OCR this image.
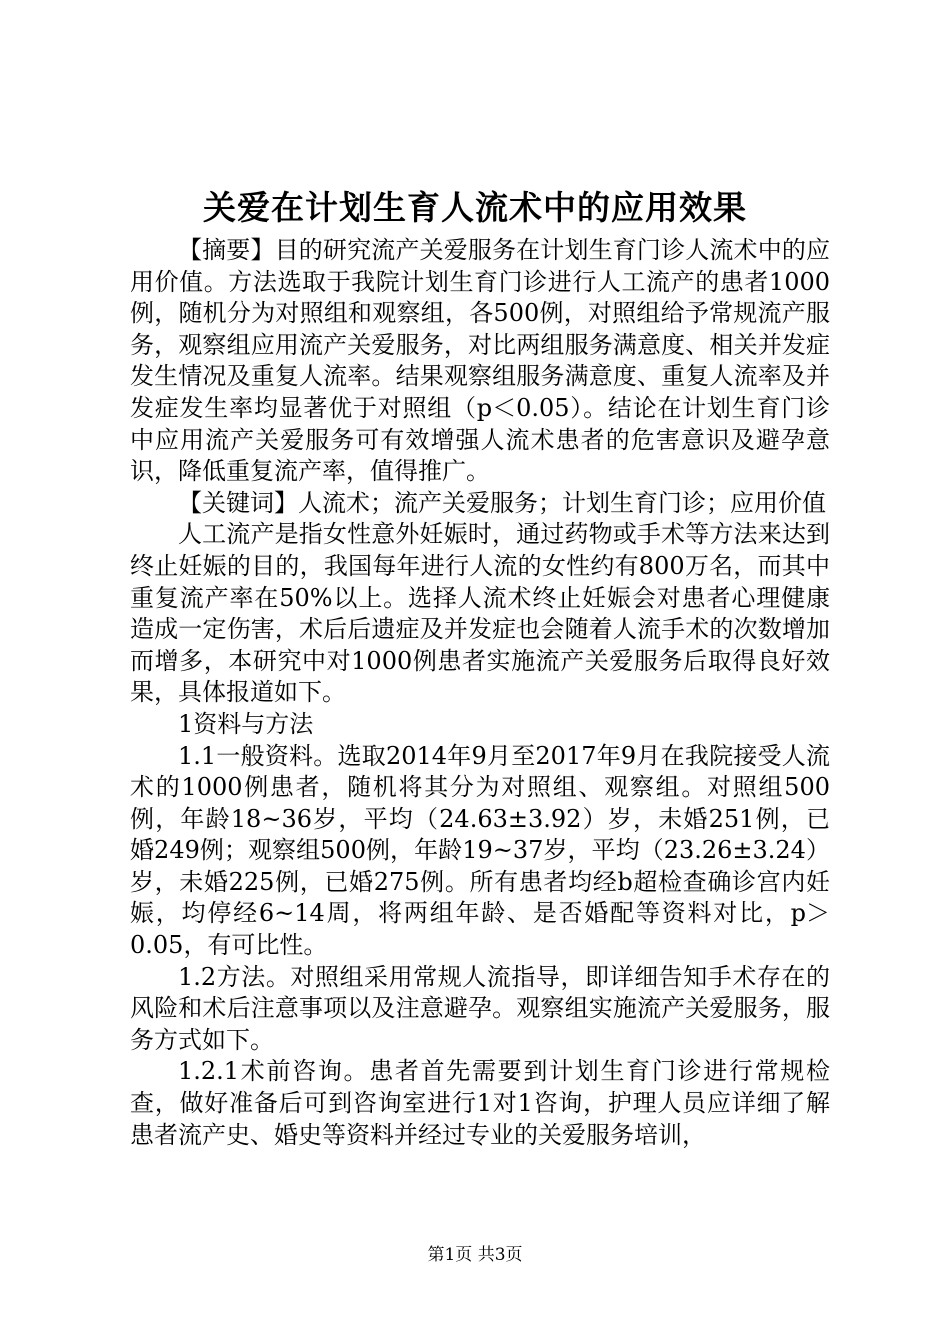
关爱在计划生育人流术中的应用效果

【摘要】目的研究流产关爱服务在计划生育门诊人流术中的应用价值。方法选取于我院计划生育门诊进行人工流产的患者1000例，随机分为对照组和观察组，各500例，对照组给予常规流产服务，观察组应用流产关爱服务，对比两组服务满意度、相关并发症发生情况及重复人流率。结果观察组服务满意度、重复人流率及并发症发生率均显著优于对照组（p＜0.05）。结论在计划生育门诊中应用流产关爱服务可有效增强人流术患者的危害意识及避孕意识，降低重复流产率，值得推广。

【关键词】人流术；流产关爱服务；计划生育门诊；应用价值

人工流产是指女性意外妊娠时，通过药物或手术等方法来达到终止妊娠的目的，我国每年进行人流的女性约有800万名，而其中重复流产率在50%以上。选择人流术终止妊娠会对患者心理健康造成一定伤害，术后后遗症及并发症也会随着人流手术的次数增加而增多，本研究中对1000例患者实施流产关爱服务后取得良好效果，具体报道如下。

1资料与方法

1.1一般资料。选取2014年9月至2017年9月在我院接受人流术的1000例患者，随机将其分为对照组、观察组。对照组500例，年龄18~36岁，平均（24.63±3.92）岁，未婚251例，已婚249例；观察组500例，年龄19~37岁，平均（23.26±3.24）岁，未婚225例，已婚275例。所有患者均经b超检查确诊宫内妊娠，均停经6~14周，将两组年龄、是否婚配等资料对比，p＞0.05，有可比性。

1.2方法。对照组采用常规人流指导，即详细告知手术存在的风险和术后注意事项以及注意避孕。观察组实施流产关爱服务，服务方式如下。

1.2.1术前咨询。患者首先需要到计划生育门诊进行常规检查，做好准备后可到咨询室进行1对1咨询，护理人员应详细了解患者流产史、婚史等资料并经过专业的关爱服务培训，

第1页 共3页
